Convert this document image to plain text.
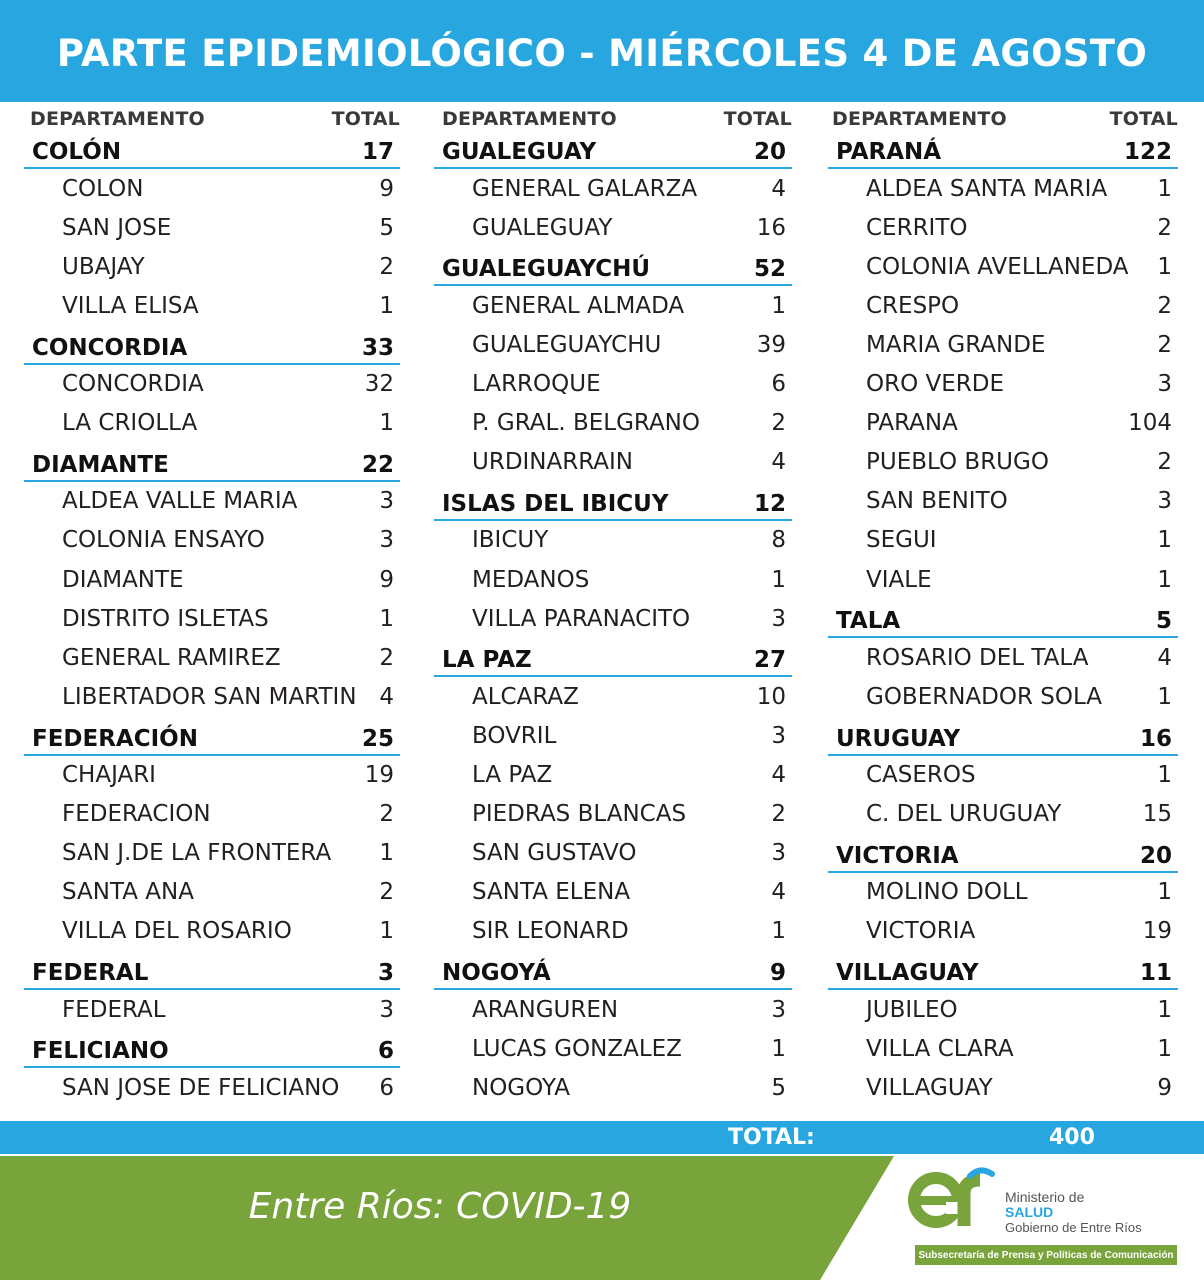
PARTE EPIDEMIOLÓGICO - MIÉRCOLES 4 DE AGOSTO
DEPARTAMENTO	TOTAL
COLÓN	17
COLON	9
SAN JOSE	5
UBAJAY	2
VILLA ELISA	1
CONCORDIA	33
CONCORDIA	32
LA CRIOLLA	1
DIAMANTE	22
ALDEA VALLE MARIA	3
COLONIA ENSAYO	3
DIAMANTE	9
DISTRITO ISLETAS	1
GENERAL RAMIREZ	2
LIBERTADOR SAN MARTIN 4
FEDERACIÓN	25
CHAJARI	19
FEDERACION	2
SAN J.DE LA FRONTERA 1
SANTA ANA	2
VILLA DEL ROSARIO	1
FEDERAL	3
FEDERAL	3
FELICIANO	6
SAN JOSE DE FELICIANO 6
DEPARTAMENTO	TOTAL
GUALEGUAY	20
GENERAL GALARZA	4
GUALEGUAY	16
GUALEGUAYCHÚ	52
GENERAL ALMADA	1
GUALEGUAYCHU	39
LARROQUE	6
P. GRAL. BELGRANO	2
URDINARRAIN	4
ISLAS DEL IBICUY	12
IBICUY	8
MEDANOS	1
VILLA PARANACITO	3
LA PAZ	27
ALCARAZ	10
BOVRIL	3
LA PAZ	4
PIEDRAS BLANCAS	2
SAN GUSTAVO	3
SANTA ELENA	4
SIR LEONARD	1
NOGOYÁ	9
ARANGUREN	3
LUCAS GONZALEZ	1
NOGOYA	5
DEPARTAMENTO	TOTAL
PARANÁ	122
ALDEA SANTA MARIA 1
CERRITO	2
COLONIA AVELLANEDA 1
CRESPO	2
MARIA GRANDE	2
ORO VERDE	3
PARANA	104
PUEBLO BRUGO	2
SAN BENITO	3
SEGUI	1
VIALE	1
TALA	5
ROSARIO DEL TALA	4
GOBERNADOR SOLA 1
URUGUAY	16
CASEROS	1
C. DEL URUGUAY	15
VICTORIA	20
MOLINO DOLL	1
VICTORIA	19
VILLAGUAY	11
JUBILEO	1
VILLA CLARA	1
VILLAGUAY	9
TOTAL:	400
Entre Ríos: COVID-19	Ministerio de
SALUD
Gobierno de Entre Ríos
Subsecretaría de Prensa y Políticas de Comunicación
